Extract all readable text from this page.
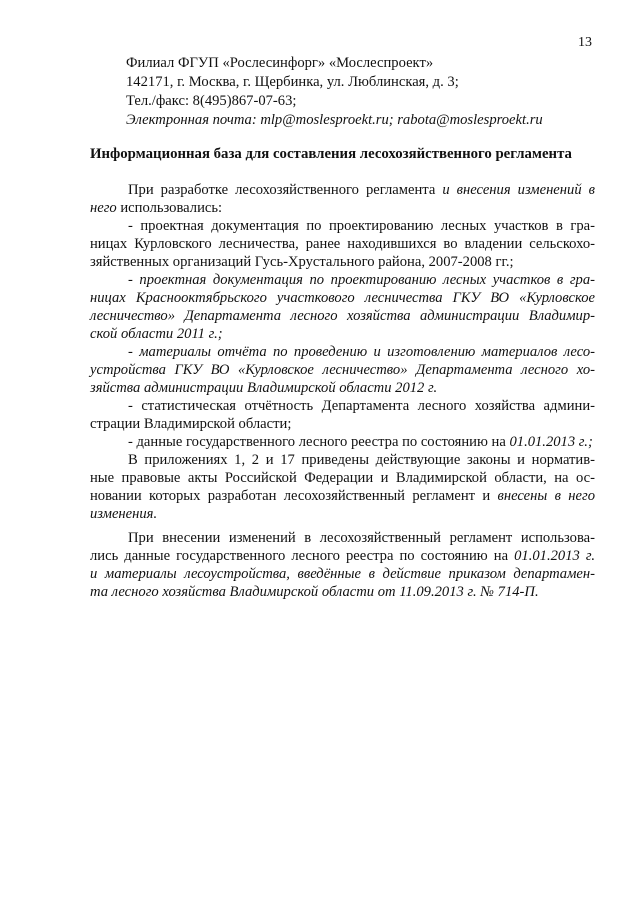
13
Филиал ФГУП «Рослесинфорг» «Мослеспроект»
142171, г. Москва, г. Щербинка, ул. Люблинская, д. 3;
Тел./факс: 8(495)867-07-63;
Электронная почта: mlp@moslesproekt.ru; rabota@moslesproekt.ru
Информационная база для составления лесохозяйственного регламента
При разработке лесохозяйственного регламента и внесения изменений в
него использовались:
- проектная документация по проектированию лесных участков в гра-
ницах Курловского лесничества, ранее находившихся во владении сельскохо-
зяйственных организаций Гусь-Хрустального района, 2007-2008 гг.;
- проектная документация по проектированию лесных участков в гра-
ницах Краснооктябрьского участкового лесничества ГКУ ВО «Курловское
лесничество» Департамента лесного хозяйства администрации Владимир-
ской области 2011 г.;
- материалы отчёта по проведению и изготовлению материалов лесо-
устройства ГКУ ВО «Курловское лесничество» Департамента лесного хо-
зяйства администрации Владимирской области 2012 г.
- статистическая отчётность Департамента лесного хозяйства админи-
страции Владимирской области;
- данные государственного лесного реестра по состоянию на 01.01.2013 г.;
В приложениях 1, 2 и 17 приведены действующие законы и норматив-
ные правовые акты Российской Федерации и Владимирской области, на ос-
новании которых разработан лесохозяйственный регламент и внесены в него
изменения.
При внесении изменений в лесохозяйственный регламент использова-
лись данные государственного лесного реестра по состоянию на 01.01.2013 г.
и материалы лесоустройства, введённые в действие приказом департамен-
та лесного хозяйства Владимирской области от 11.09.2013 г. № 714-П.
